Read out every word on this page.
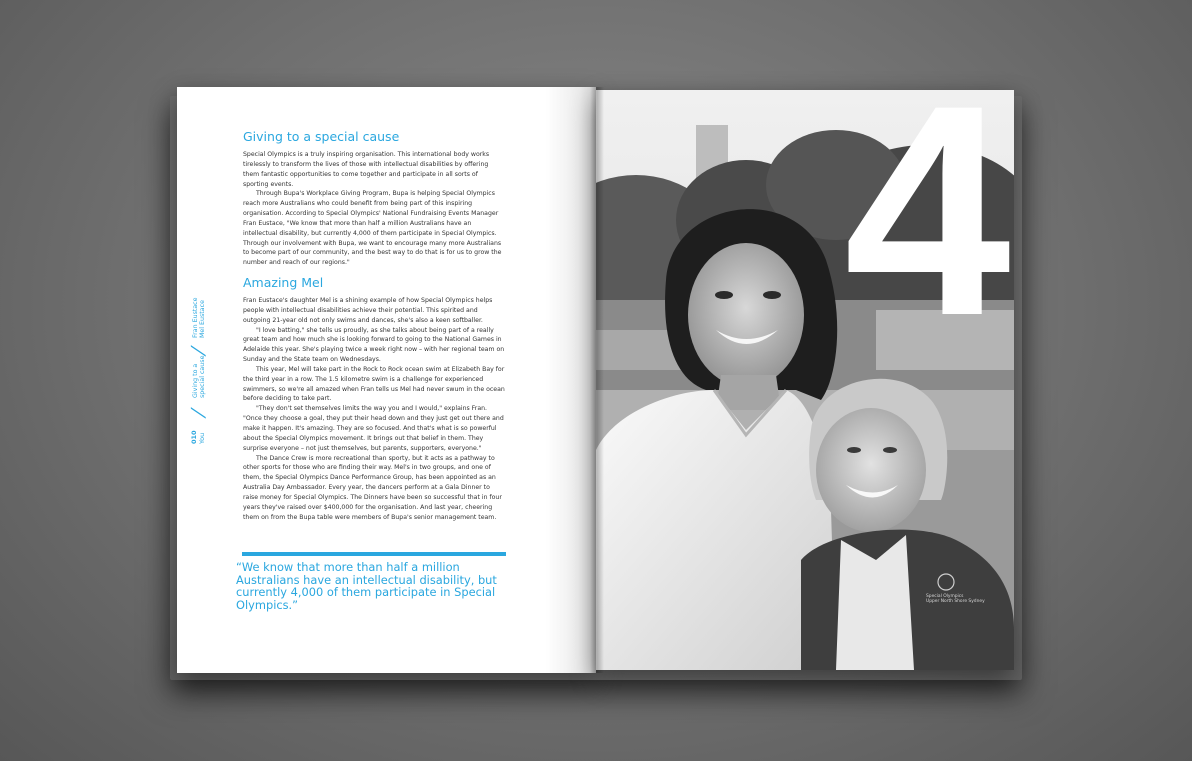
Giving to a special cause

Special Olympics is a truly inspiring organisation. This international body works tirelessly to transform the lives of those with intellectual disabilities by offering them fantastic opportunities to come together and participate in all sorts of sporting events.

Through Bupa's Workplace Giving Program, Bupa is helping Special Olympics reach more Australians who could benefit from being part of this inspiring organisation. According to Special Olympics' National Fundraising Events Manager Fran Eustace, "We know that more than half a million Australians have an intellectual disability, but currently 4,000 of them participate in Special Olympics. Through our involvement with Bupa, we want to encourage many more Australians to become part of our community, and the best way to do that is for us to grow the number and reach of our regions."

Amazing Mel

Fran Eustace's daughter Mel is a shining example of how Special Olympics helps people with intellectual disabilities achieve their potential. This spirited and outgoing 21-year old not only swims and dances, she's also a keen softballer.

"I love batting," she tells us proudly, as she talks about being part of a really great team and how much she is looking forward to going to the National Games in Adelaide this year. She's playing twice a week right now – with her regional team on Sunday and the State team on Wednesdays.

This year, Mel will take part in the Rock to Rock ocean swim at Elizabeth Bay for the third year in a row. The 1.5 kilometre swim is a challenge for experienced swimmers, so we're all amazed when Fran tells us Mel had never swum in the ocean before deciding to take part.

"They don't set themselves limits the way you and I would," explains Fran. "Once they choose a goal, they put their head down and they just get out there and make it happen. It's amazing. They are so focused. And that's what is so powerful about the Special Olympics movement. It brings out that belief in them. They surprise everyone – not just themselves, but parents, supporters, everyone."

The Dance Crew is more recreational than sporty, but it acts as a pathway to other sports for those who are finding their way. Mel's in two groups, and one of them, the Special Olympics Dance Performance Group, has been appointed as an Australia Day Ambassador. Every year, the dancers perform at a Gala Dinner to raise money for Special Olympics. The Dinners have been so successful that in four years they've raised over $400,000 for the organisation. And last year, cheering them on from the Bupa table were members of Bupa's senior management team.

“We know that more than half a million Australians have an intellectual disability, but currently 4,000 of them participate in Special Olympics.”

010 You
/
Giving to a
special cause
/
Fran Eustace
Mel Eustace
Special Olympics
Upper North Shore Sydney
4
